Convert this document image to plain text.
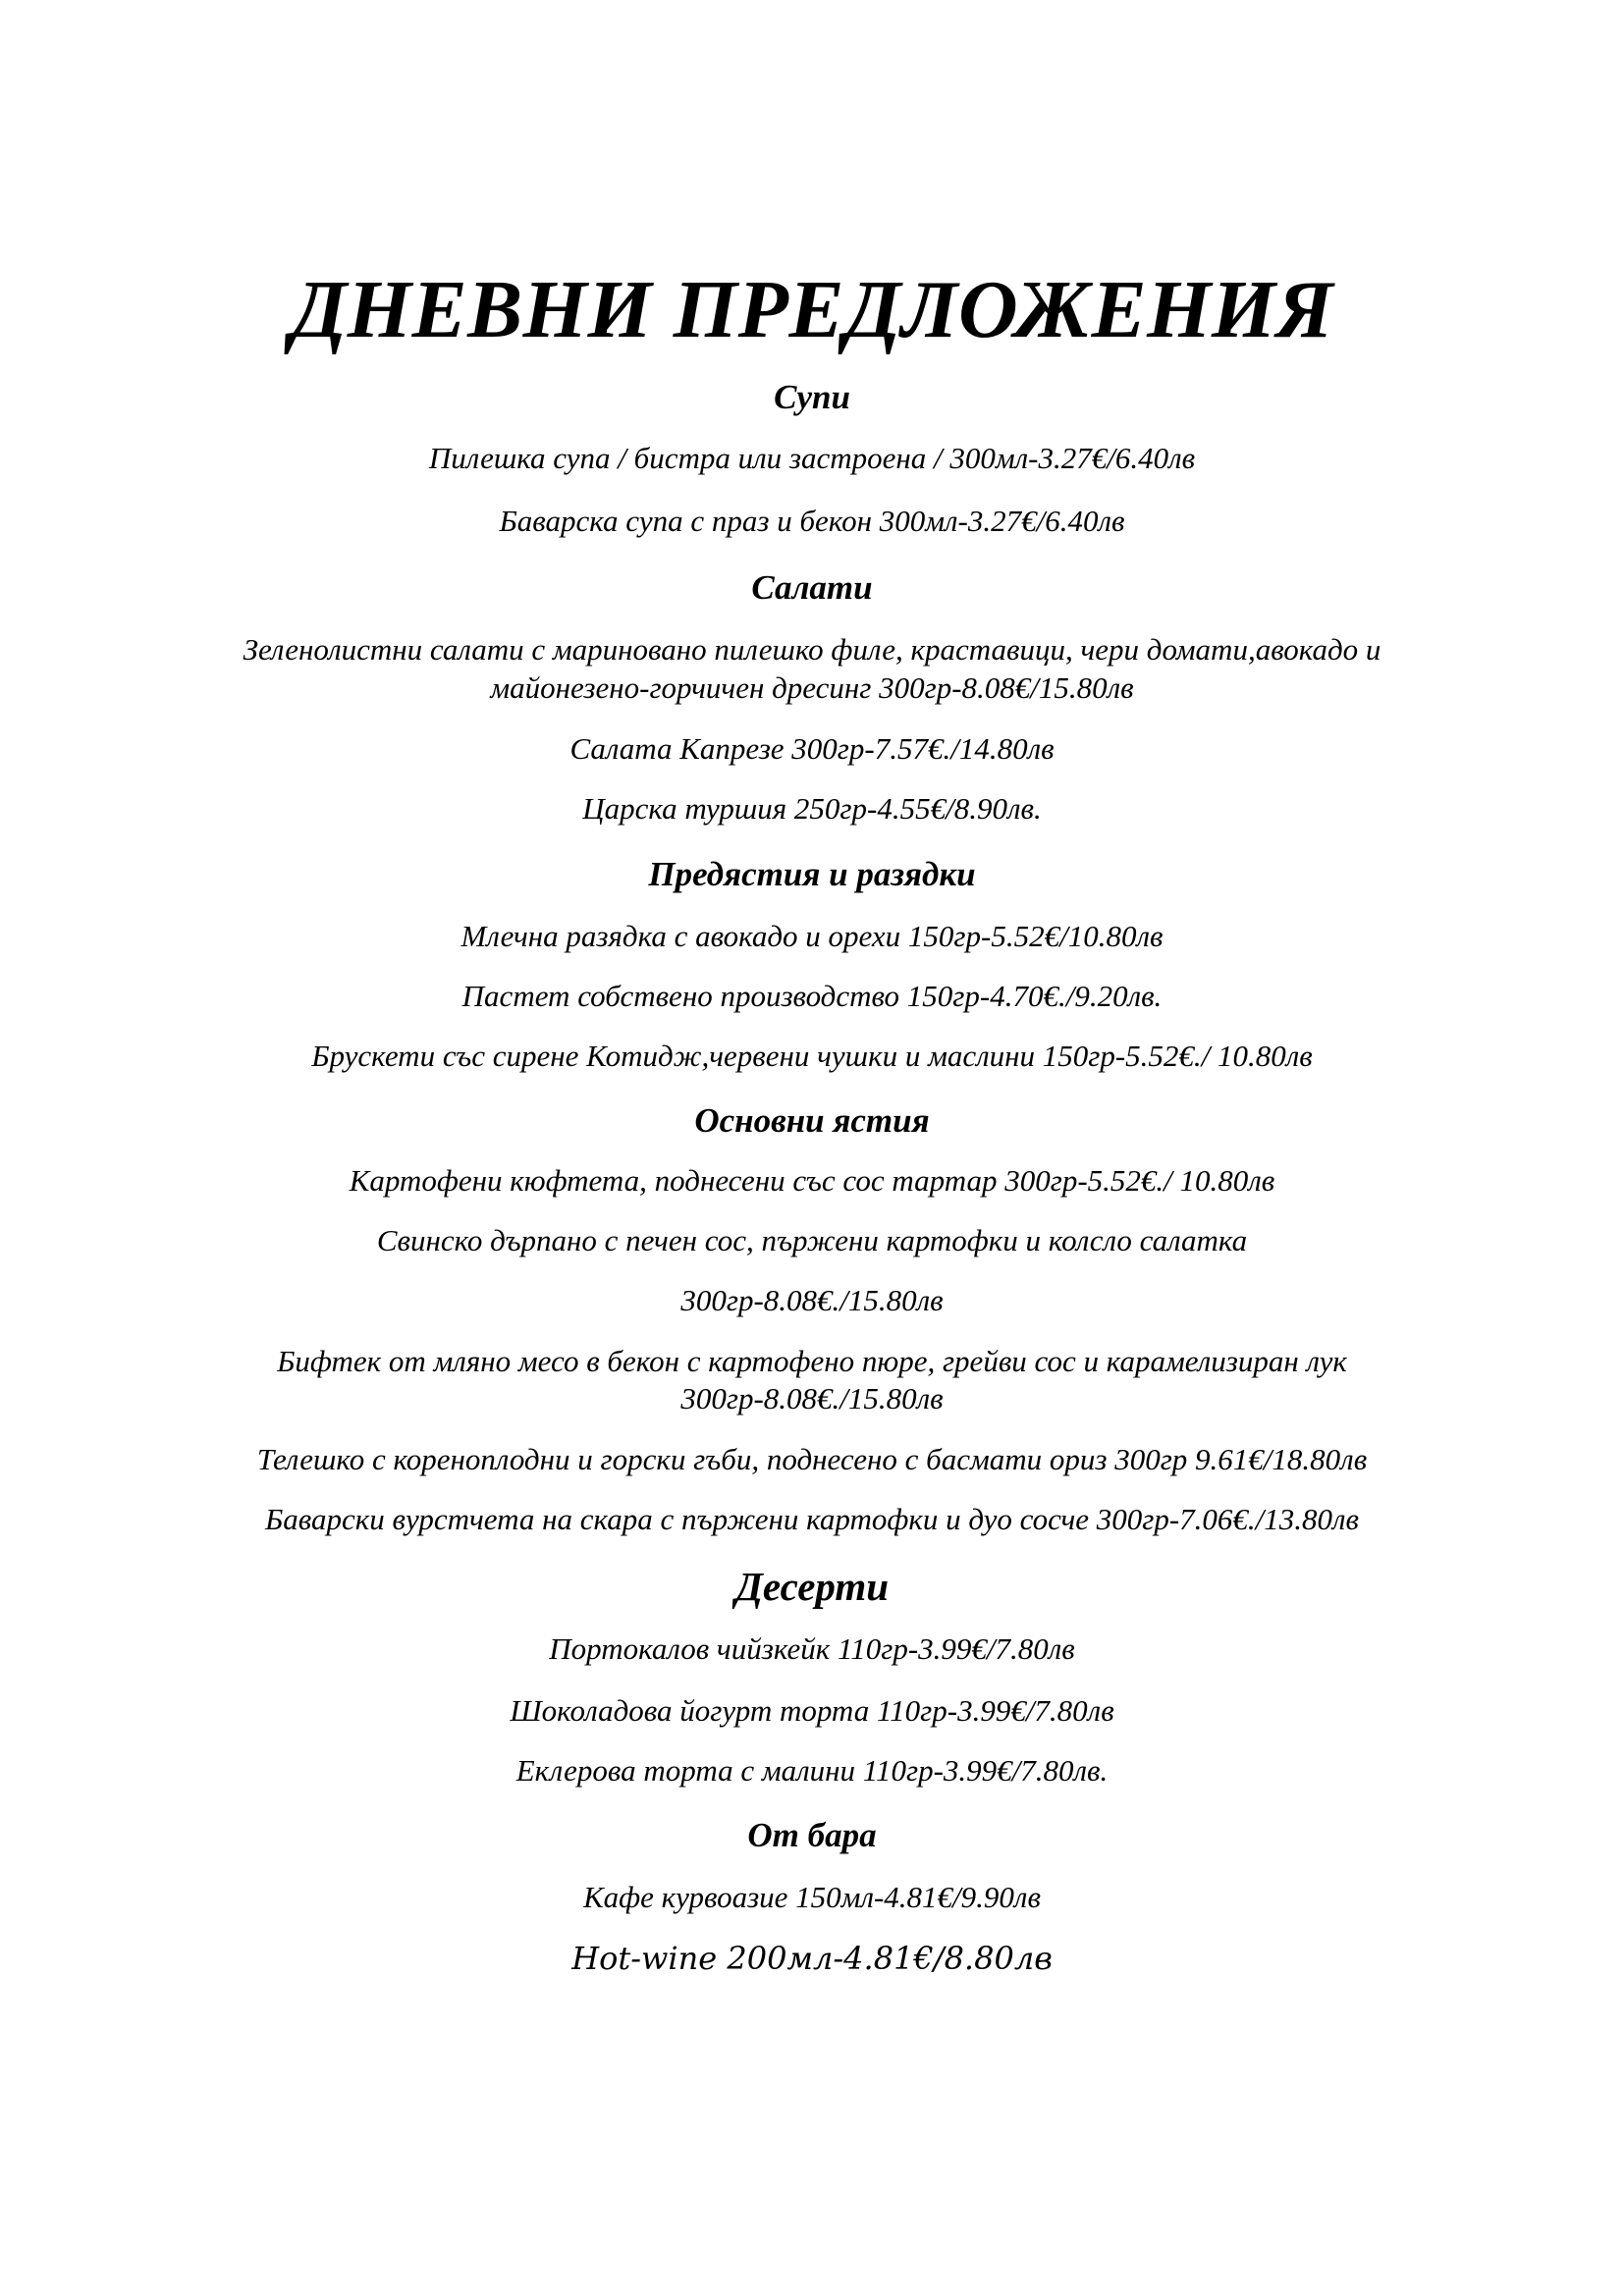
ДНЕВНИ ПРЕДЛОЖЕНИЯ
Супи

Пилешка супа / бистра или застроена / 300мл-3.27€/6.40лв

Баварска супа с праз и бекон 300мл-3.27€/6.40лв

Салати

Зеленолистни салати с мариновано пилешко филе, краставици, чери домати,авокадо и

майонезено-горчичен дресинг 300гр-8.08€/15.80лв

Салата Капрезе 300гр-7.57€./14.80лв

Царска туршия 250гр-4.55€/8.90лв.

Предястия и разядки

Млечна разядка с авокадо и орехи 150гр-5.52€/10.80лв

Пастет собствено производство 150гр-4.70€./9.20лв.

Брускети със сирене Котидж,червени чушки и маслини 150гр-5.52€./ 10.80лв

Основни ястия

Картофени кюфтета, поднесени със сос тартар 300гр-5.52€./ 10.80лв

Свинско дърпано с печен сос, пържени картофки и колсло салатка

300гр-8.08€./15.80лв

Бифтек от мляно месо в бекон с картофено пюре, грейви сос и карамелизиран лук

300гр-8.08€./15.80лв

Телешко с кореноплодни и горски гъби, поднесено с басмати ориз 300гр 9.61€/18.80лв

Баварски вурстчета на скара с пържени картофки и дуо сосче 300гр-7.06€./13.80лв

Десерти

Портокалов чийзкейк 110гр-3.99€/7.80лв

Шоколадова йогурт торта 110гр-3.99€/7.80лв

Еклерова торта с малини 110гр-3.99€/7.80лв.

От бара

Кафе курвоазие 150мл-4.81€/9.90лв

Hot-wine 200мл-4.81€/8.80лв
